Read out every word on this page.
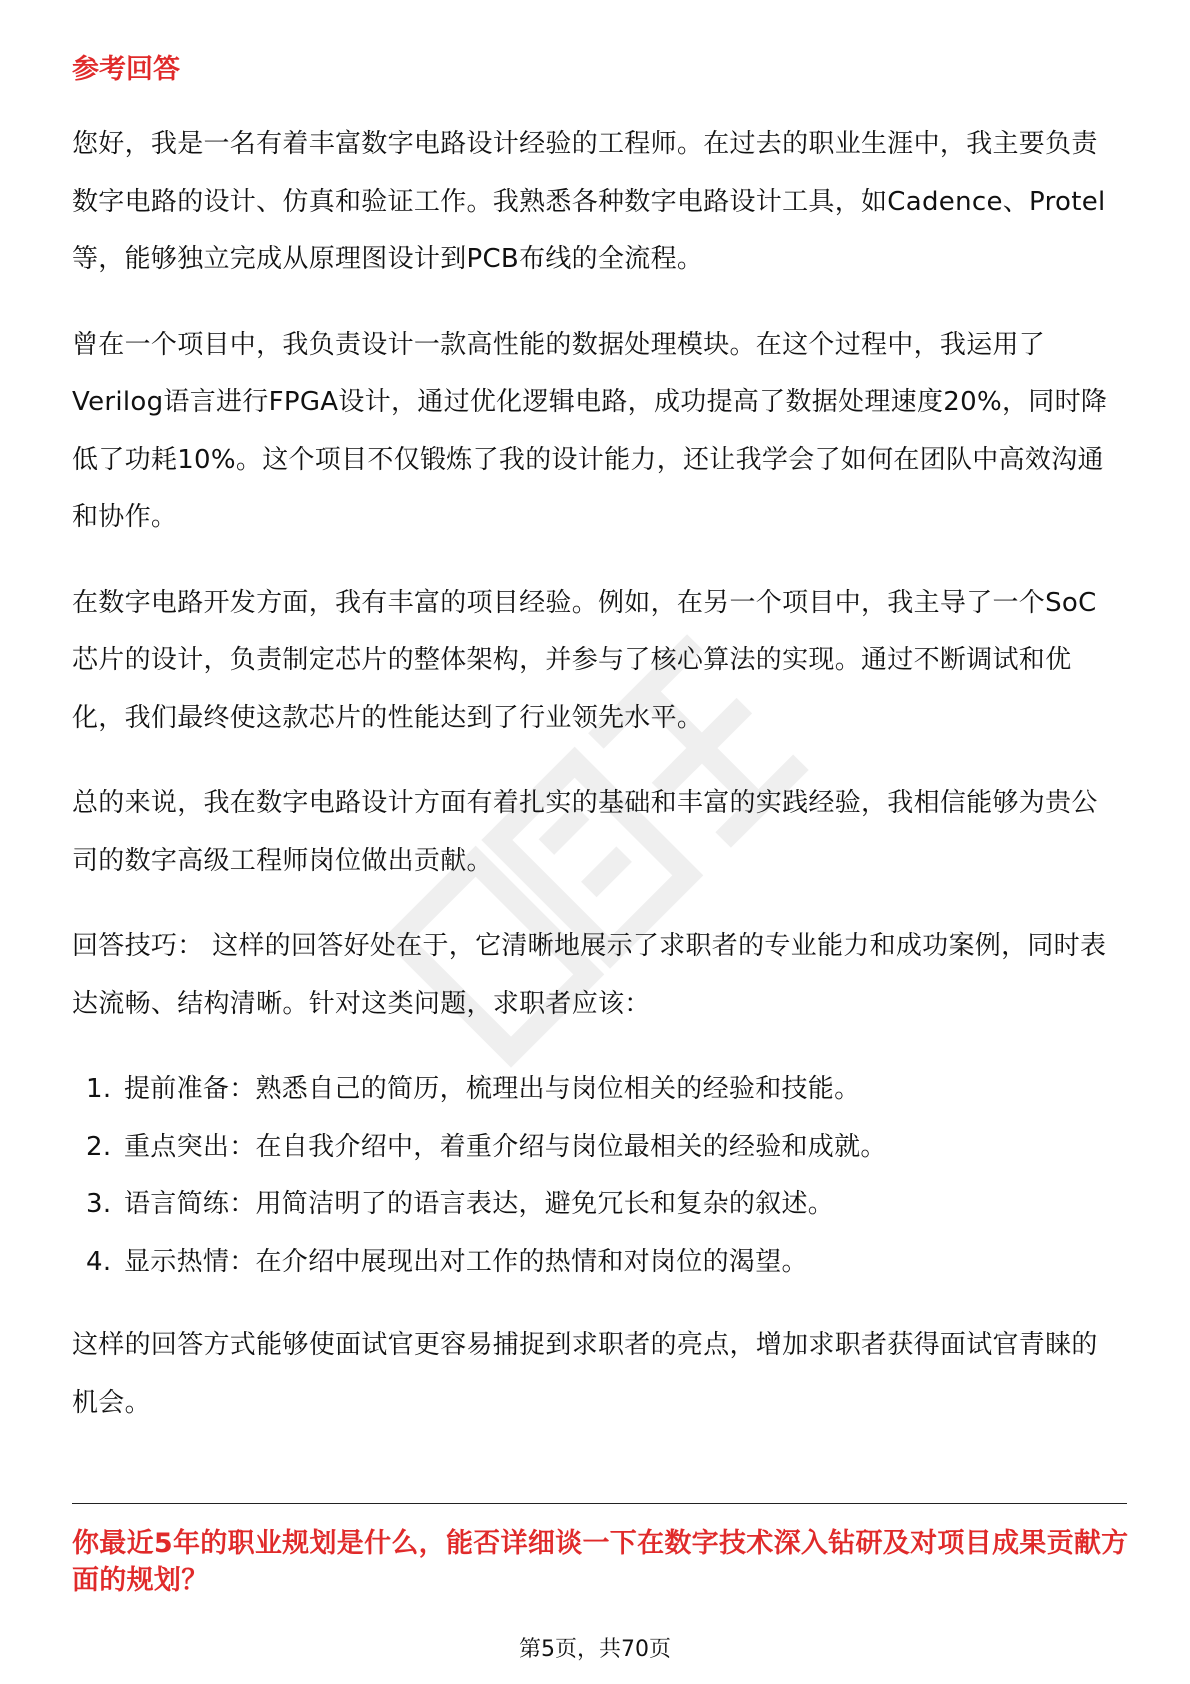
参考回答

您好，我是一名有着丰富数字电路设计经验的工程师。在过去的职业生涯中，我主要负责数字电路的设计、仿真和验证工作。我熟悉各种数字电路设计工具，如Cadence、Protel等，能够独立完成从原理图设计到PCB布线的全流程。

曾在一个项目中，我负责设计一款高性能的数据处理模块。在这个过程中，我运用了Verilog语言进行FPGA设计，通过优化逻辑电路，成功提高了数据处理速度20%，同时降低了功耗10%。这个项目不仅锻炼了我的设计能力，还让我学会了如何在团队中高效沟通和协作。

在数字电路开发方面，我有丰富的项目经验。例如，在另一个项目中，我主导了一个SoC芯片的设计，负责制定芯片的整体架构，并参与了核心算法的实现。通过不断调试和优化，我们最终使这款芯片的性能达到了行业领先水平。

总的来说，我在数字电路设计方面有着扎实的基础和丰富的实践经验，我相信能够为贵公司的数字高级工程师岗位做出贡献。

回答技巧： 这样的回答好处在于，它清晰地展示了求职者的专业能力和成功案例，同时表达流畅、结构清晰。针对这类问题，求职者应该：

1. 提前准备：熟悉自己的简历，梳理出与岗位相关的经验和技能。
2. 重点突出：在自我介绍中，着重介绍与岗位最相关的经验和成就。
3. 语言简练：用简洁明了的语言表达，避免冗长和复杂的叙述。
4. 显示热情：在介绍中展现出对工作的热情和对岗位的渴望。

这样的回答方式能够使面试官更容易捕捉到求职者的亮点，增加求职者获得面试官青睐的机会。

你最近5年的职业规划是什么，能否详细谈一下在数字技术深入钻研及对项目成果贡献方面的规划？
第5页，共70页
